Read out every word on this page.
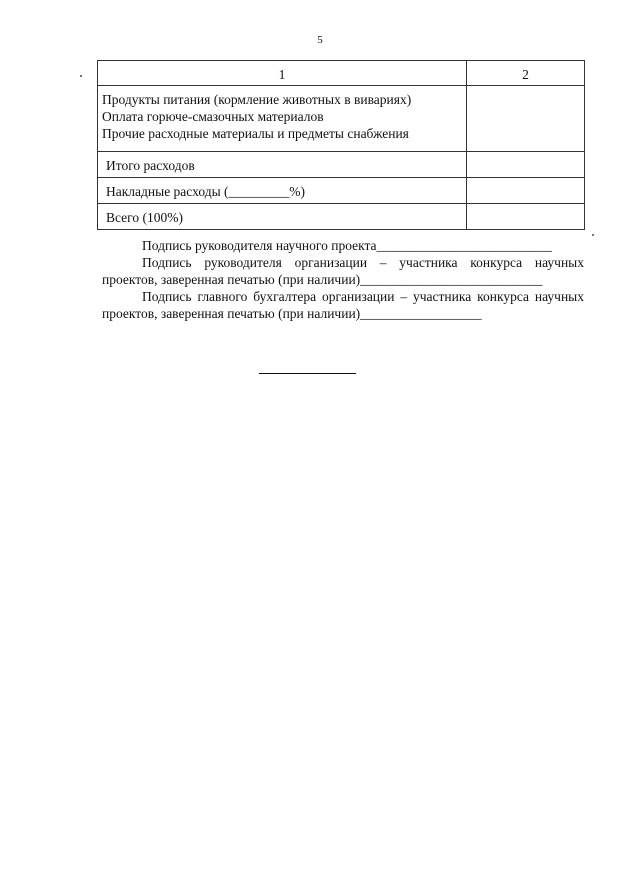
5
1	2

Продукты питания (кормление животных в вивариях)
Оплата горюче-смазочных материалов
Прочие расходные материалы и предметы снабжения	

Итого расходов	
Накладные расходы (_________%)	
Всего (100%)	

Подпись руководителя научного проекта__________________________

Подпись руководителя организации – участника конкурса научных проектов, заверенная печатью (при наличии)___________________________

Подпись главного бухгалтера организации – участника конкурса научных проектов, заверенная печатью (при наличии)__________________
